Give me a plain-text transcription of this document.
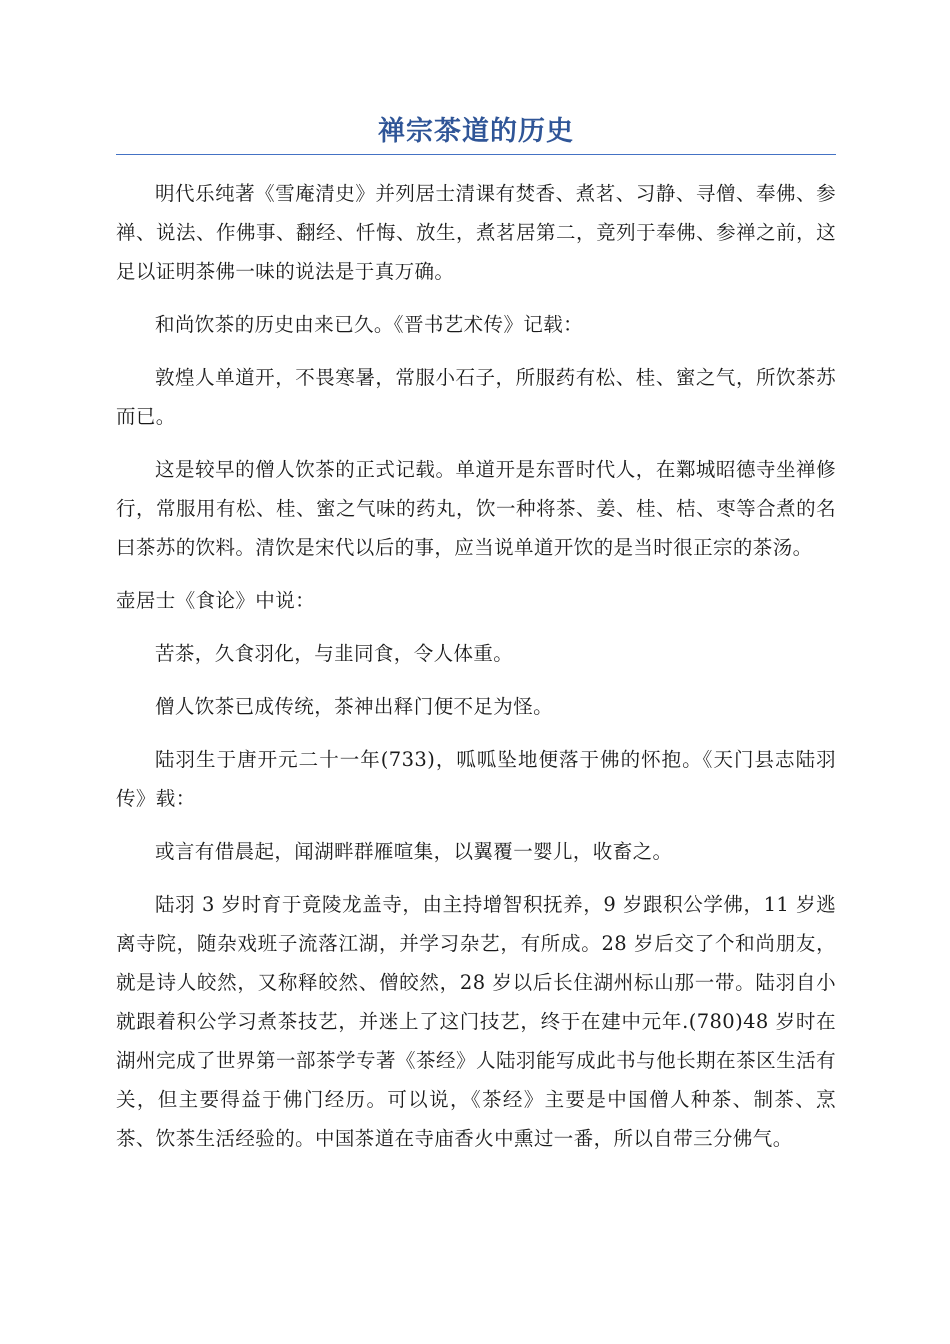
禅宗茶道的历史

明代乐纯著《雪庵清史》并列居士清课有焚香、煮茗、习静、寻僧、奉佛、参禅、说法、作佛事、翻经、忏悔、放生，煮茗居第二，竟列于奉佛、参禅之前，这足以证明茶佛一味的说法是于真万确。

和尚饮茶的历史由来已久。《晋书艺术传》记载：

敦煌人单道开，不畏寒暑，常服小石子，所服药有松、桂、蜜之气，所饮茶苏而已。

这是较早的僧人饮茶的正式记载。单道开是东晋时代人，在鄴城昭德寺坐禅修行，常服用有松、桂、蜜之气味的药丸，饮一种将茶、姜、桂、桔、枣等合煮的名曰茶苏的饮料。清饮是宋代以后的事，应当说单道开饮的是当时很正宗的茶汤。

壶居士《食论》中说：

苦茶，久食羽化，与韭同食，令人体重。

僧人饮茶已成传统，茶神出释门便不足为怪。

陆羽生于唐开元二十一年(733)，呱呱坠地便落于佛的怀抱。《天门县志陆羽传》载：

或言有借晨起，闻湖畔群雁喧集，以翼覆一婴儿，收畜之。

陆羽 3 岁时育于竟陵龙盖寺，由主持增智积抚养，9 岁跟积公学佛，11 岁逃离寺院，随杂戏班子流落江湖，并学习杂艺，有所成。28 岁后交了个和尚朋友，就是诗人皎然，又称释皎然、僧皎然，28 岁以后长住湖州标山那一带。陆羽自小就跟着积公学习煮茶技艺，并迷上了这门技艺，终于在建中元年.(780)48 岁时在湖州完成了世界第一部茶学专著《茶经》人陆羽能写成此书与他长期在茶区生活有关，但主要得益于佛门经历。可以说，《茶经》主要是中国僧人种茶、制茶、烹茶、饮茶生活经验的。中国茶道在寺庙香火中熏过一番，所以自带三分佛气。
